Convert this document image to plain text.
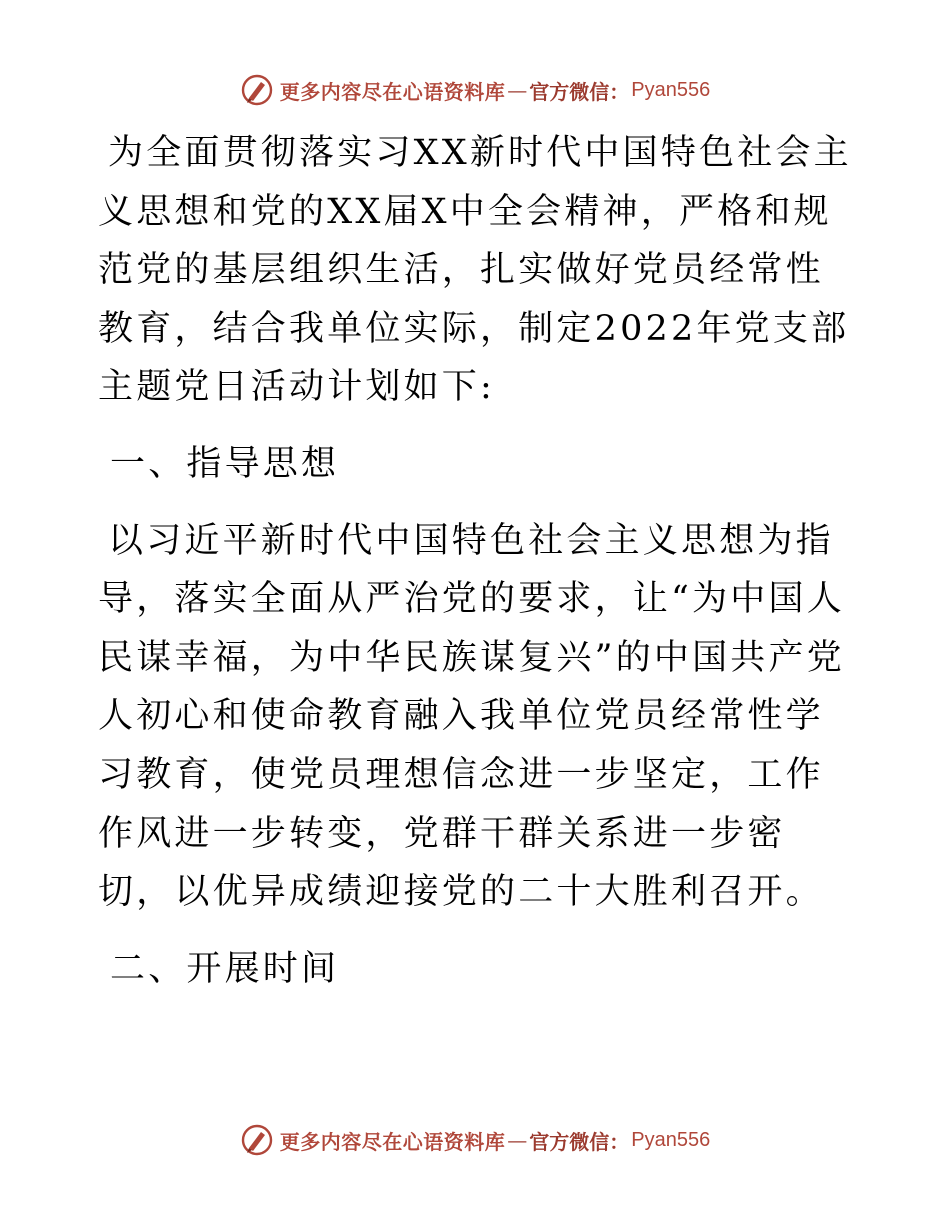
更多内容尽在心语资料库 — 官方微信： Pyan556

为全面贯彻落实习XX新时代中国特色社会主义思想和党的XX届X中全会精神，严格和规范党的基层组织生活，扎实做好党员经常性教育，结合我单位实际，制定2022年党支部主题党日活动计划如下:

一、指导思想

以习近平新时代中国特色社会主义思想为指导，落实全面从严治党的要求，让“为中国人民谋幸福，为中华民族谋复兴”的中国共产党人初心和使命教育融入我单位党员经常性学习教育，使党员理想信念进一步坚定，工作作风进一步转变，党群干群关系进一步密切，以优异成绩迎接党的二十大胜利召开。

二、开展时间

更多内容尽在心语资料库 — 官方微信： Pyan556
